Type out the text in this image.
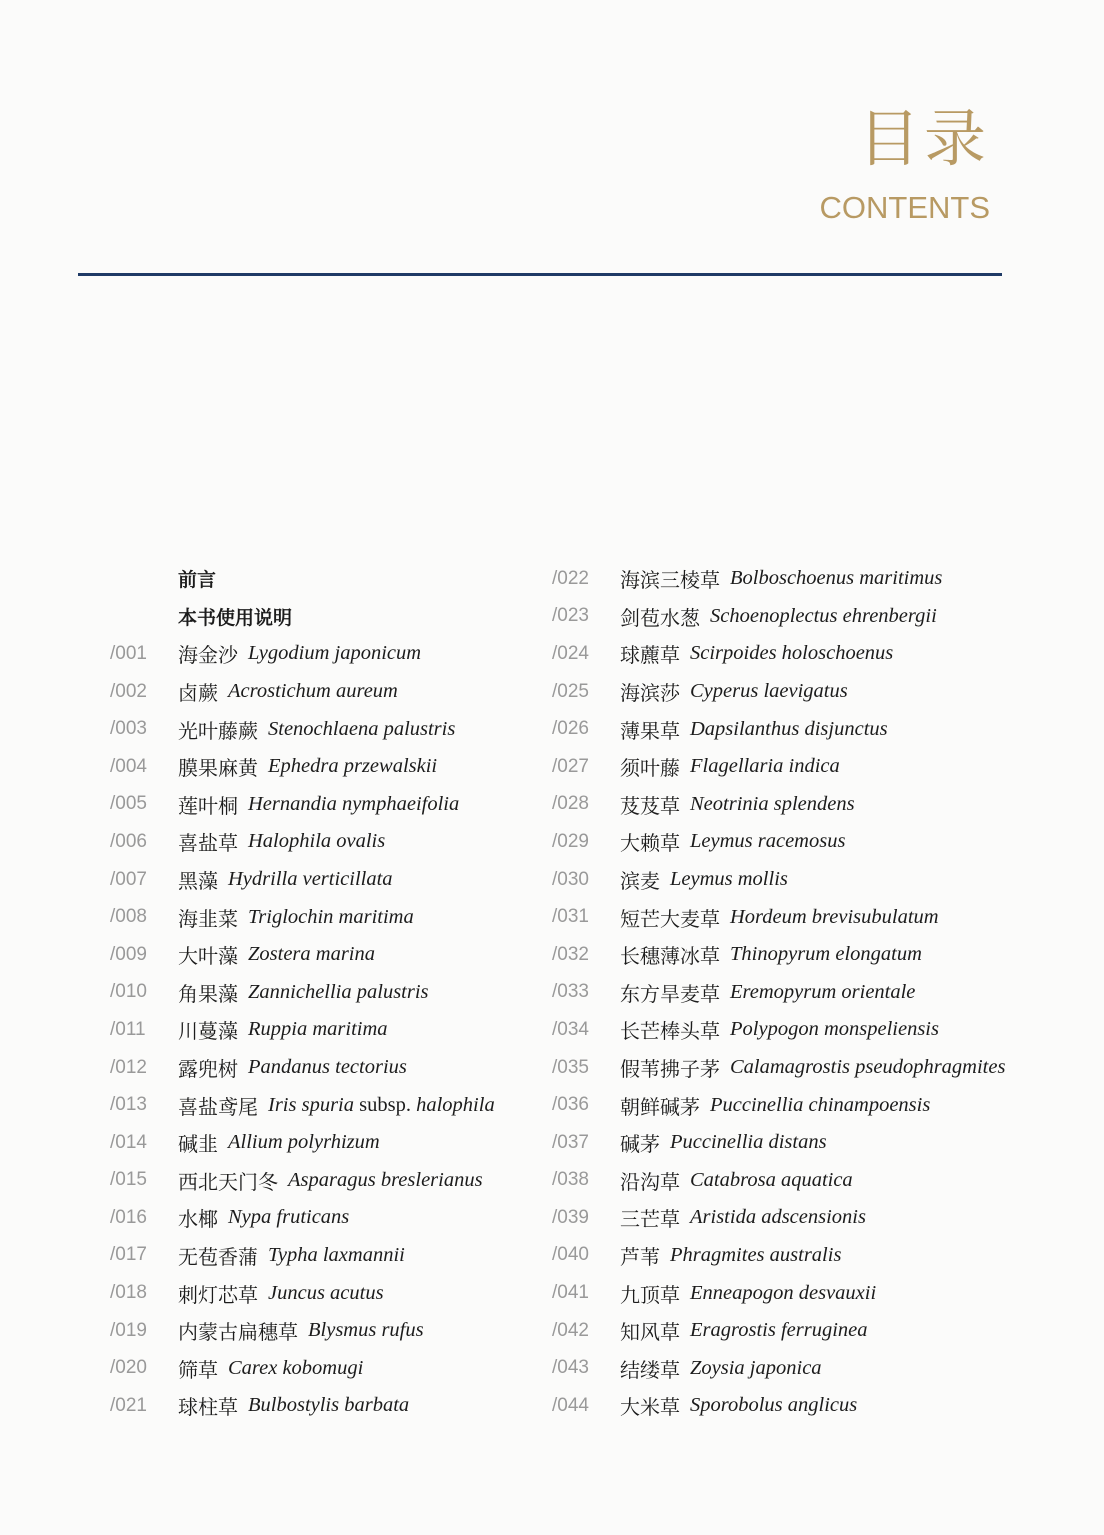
目录
CONTENTS
前言
本书使用说明
/001	海金沙 Lygodium japonicum
/002	卤蕨 Acrostichum aureum
/003	光叶藤蕨 Stenochlaena palustris
/004	膜果麻黄 Ephedra przewalskii
/005	莲叶桐 Hernandia nymphaeifolia
/006	喜盐草 Halophila ovalis
/007	黑藻 Hydrilla verticillata
/008	海韭菜 Triglochin maritima
/009	大叶藻 Zostera marina
/010	角果藻 Zannichellia palustris
/011	川蔓藻 Ruppia maritima
/012	露兜树 Pandanus tectorius
/013	喜盐鸢尾 Iris spuria subsp. halophila
/014	碱韭 Allium polyrhizum
/015	西北天门冬 Asparagus breslerianus
/016	水椰 Nypa fruticans
/017	无苞香蒲 Typha laxmannii
/018	刺灯芯草 Juncus acutus
/019	内蒙古扁穗草 Blysmus rufus
/020	筛草 Carex kobomugi
/021	球柱草 Bulbostylis barbata
/022	海滨三棱草 Bolboschoenus maritimus
/023	剑苞水葱 Schoenoplectus ehrenbergii
/024	球藨草 Scirpoides holoschoenus
/025	海滨莎 Cyperus laevigatus
/026	薄果草 Dapsilanthus disjunctus
/027	须叶藤 Flagellaria indica
/028	芨芨草 Neotrinia splendens
/029	大赖草 Leymus racemosus
/030	滨麦 Leymus mollis
/031	短芒大麦草 Hordeum brevisubulatum
/032	长穗薄冰草 Thinopyrum elongatum
/033	东方旱麦草 Eremopyrum orientale
/034	长芒棒头草 Polypogon monspeliensis
/035	假苇拂子茅 Calamagrostis pseudophragmites
/036	朝鲜碱茅 Puccinellia chinampoensis
/037	碱茅 Puccinellia distans
/038	沿沟草 Catabrosa aquatica
/039	三芒草 Aristida adscensionis
/040	芦苇 Phragmites australis
/041	九顶草 Enneapogon desvauxii
/042	知风草 Eragrostis ferruginea
/043	结缕草 Zoysia japonica
/044	大米草 Sporobolus anglicus
